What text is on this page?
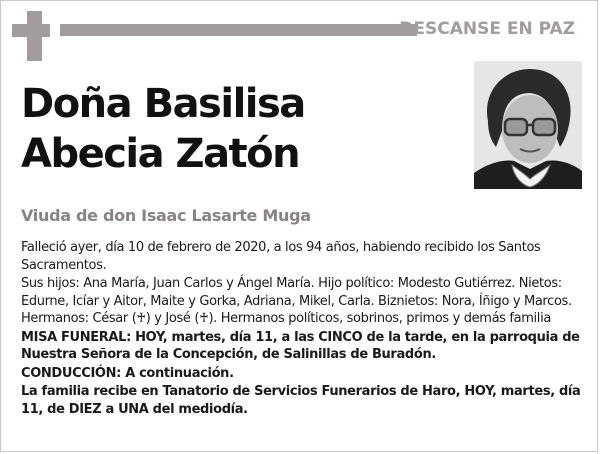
DESCANSE EN PAZ
Doña Basilisa
Abecia Zatón
Viuda de don Isaac Lasarte Muga

Falleció ayer, día 10 de febrero de 2020, a los 94 años, habiendo recibido los Santos Sacramentos.

Sus hijos: Ana María, Juan Carlos y Ángel María. Hijo político: Modesto Gutiérrez. Nietos: Edurne, Icíar y Aitor, Maite y Gorka, Adriana, Mikel, Carla. Biznietos: Nora, Íñigo y Marcos. Hermanos: César (♰) y José (♰). Hermanos políticos, sobrinos, primos y demás familia

MISA FUNERAL: HOY, martes, día 11, a las CINCO de la tarde, en la parroquia de Nuestra Señora de la Concepción, de Salinillas de Buradón.

CONDUCCIÓN: A continuación.

La familia recibe en Tanatorio de Servicios Funerarios de Haro, HOY, martes, día 11, de DIEZ a UNA del mediodía.
